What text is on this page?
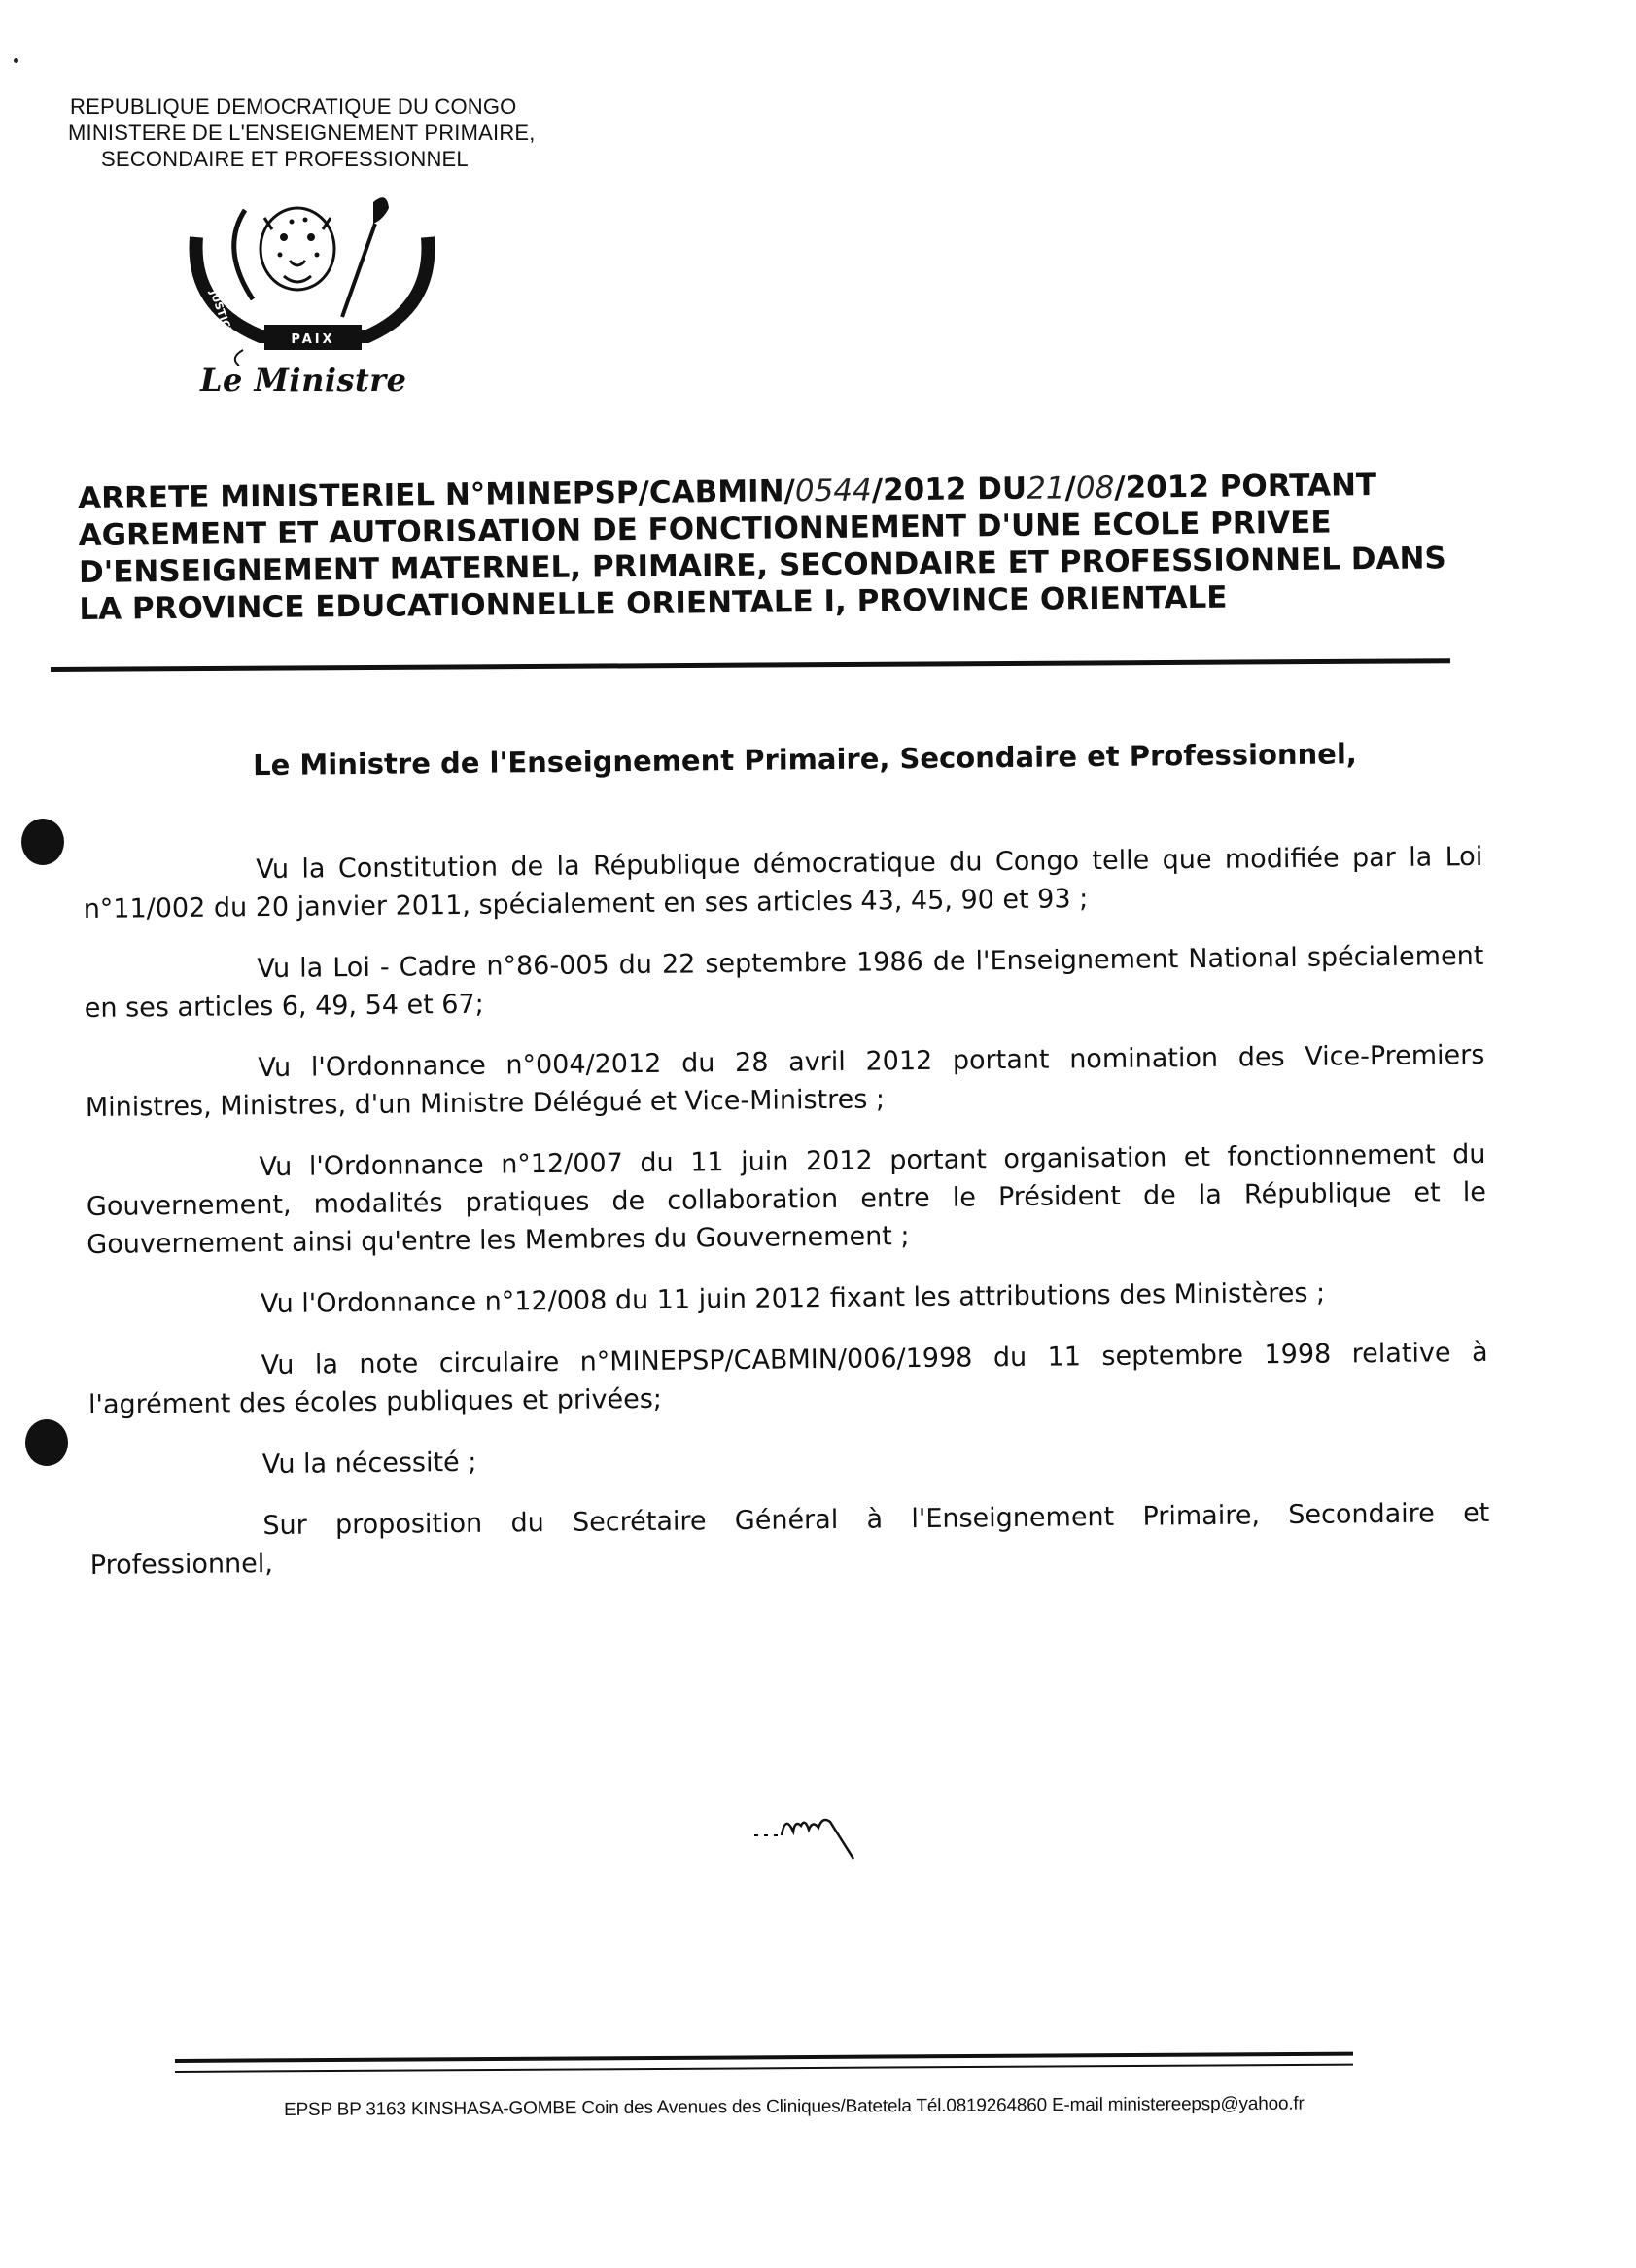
REPUBLIQUE DEMOCRATIQUE DU CONGO
MINISTERE DE L'ENSEIGNEMENT PRIMAIRE,
SECONDAIRE ET PROFESSIONNEL
PAIX
JUSTICE
TRAVAIL
Le Ministre
ARRETE MINISTERIEL N°MINEPSP/CABMIN/0544/2012 DU21/08/2012 PORTANT
AGREMENT ET AUTORISATION DE FONCTIONNEMENT D'UNE ECOLE PRIVEE
D'ENSEIGNEMENT MATERNEL, PRIMAIRE, SECONDAIRE ET PROFESSIONNEL DANS
LA PROVINCE EDUCATIONNELLE ORIENTALE I, PROVINCE ORIENTALE

Le Ministre de l'Enseignement Primaire, Secondaire et Professionnel,

Vu la Constitution de la République démocratique du Congo telle que modifiée par la Loi n°11/002 du 20 janvier 2011, spécialement en ses articles 43, 45, 90 et 93 ;

Vu la Loi - Cadre n°86-005 du 22 septembre 1986 de l'Enseignement National spécialement en ses articles 6, 49, 54 et 67;

Vu l'Ordonnance n°004/2012 du 28 avril 2012 portant nomination des Vice-Premiers Ministres, Ministres, d'un Ministre Délégué et Vice-Ministres ;

Vu l'Ordonnance n°12/007 du 11 juin 2012 portant organisation et fonctionnement du Gouvernement, modalités pratiques de collaboration entre le Président de la République et le Gouvernement ainsi qu'entre les Membres du Gouvernement ;

Vu l'Ordonnance n°12/008 du 11 juin 2012 fixant les attributions des Ministères ;

Vu la note circulaire n°MINEPSP/CABMIN/006/1998 du 11 septembre 1998 relative à l'agrément des écoles publiques et privées;

Vu la nécessité ;

Sur proposition du Secrétaire Général à l'Enseignement Primaire, Secondaire et Professionnel,

EPSP BP 3163 KINSHASA-GOMBE Coin des Avenues des Cliniques/Batetela Tél.0819264860 E-mail ministereepsp@yahoo.fr
